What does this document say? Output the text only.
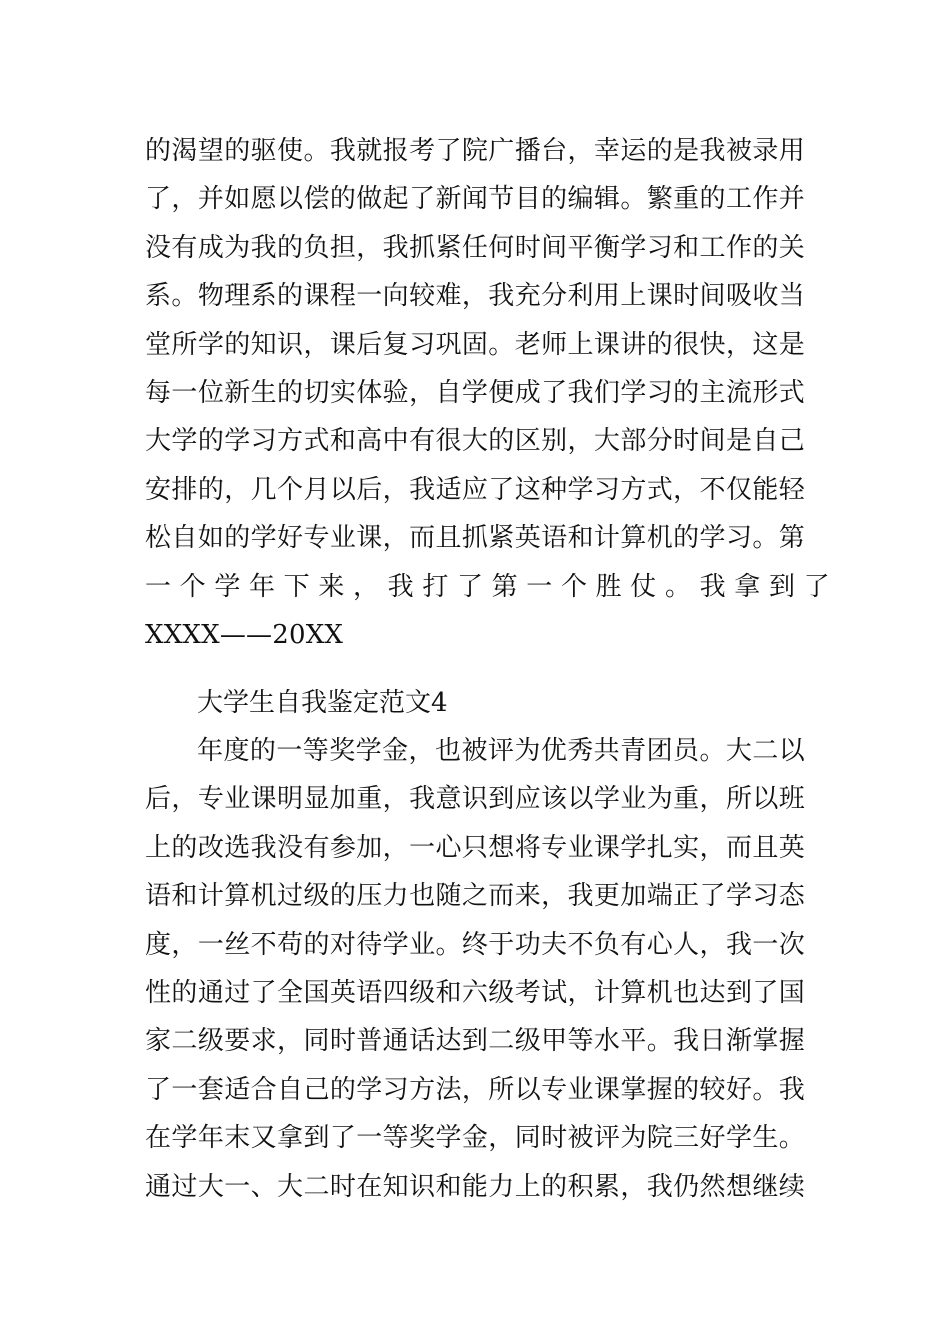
的渴望的驱使。我就报考了院广播台，幸运的是我被录用
了，并如愿以偿的做起了新闻节目的编辑。繁重的工作并
没有成为我的负担，我抓紧任何时间平衡学习和工作的关
系。物理系的课程一向较难，我充分利用上课时间吸收当
堂所学的知识，课后复习巩固。老师上课讲的很快，这是
每一位新生的切实体验，自学便成了我们学习的主流形式
大学的学习方式和高中有很大的区别，大部分时间是自己
安排的，几个月以后，我适应了这种学习方式，不仅能轻
松自如的学好专业课，而且抓紧英语和计算机的学习。第
一 个 学 年 下 来 ， 我 打 了 第 一 个 胜 仗 。 我 拿 到 了
XXXX——20XX
大学生自我鉴定范文4
年度的一等奖学金，也被评为优秀共青团员。大二以
后，专业课明显加重，我意识到应该以学业为重，所以班
上的改选我没有参加，一心只想将专业课学扎实，而且英
语和计算机过级的压力也随之而来，我更加端正了学习态
度，一丝不苟的对待学业。终于功夫不负有心人，我一次
性的通过了全国英语四级和六级考试，计算机也达到了国
家二级要求，同时普通话达到二级甲等水平。我日渐掌握
了一套适合自己的学习方法，所以专业课掌握的较好。我
在学年末又拿到了一等奖学金，同时被评为院三好学生。
通过大一、大二时在知识和能力上的积累，我仍然想继续
